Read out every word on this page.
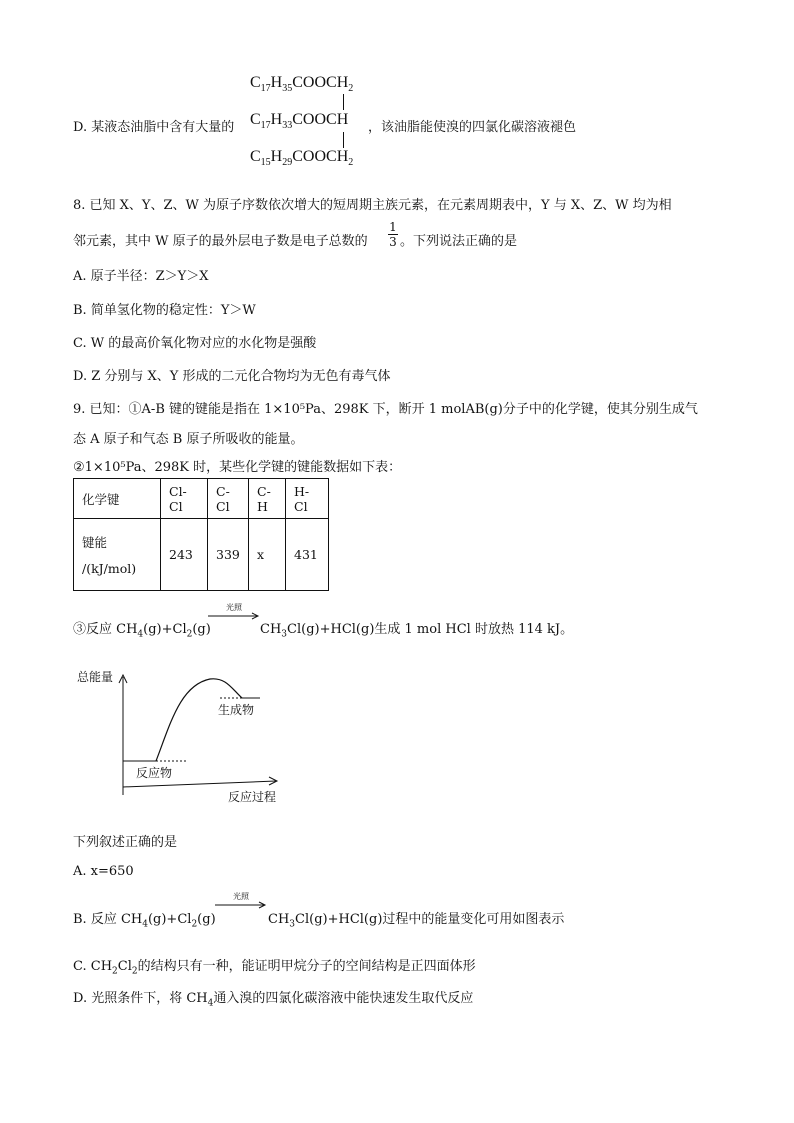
$C_{17}H_{35}COOCH_2$
D. 某液态油脂中含有大量的 $C_{17}H_{33}COOCH$ ，该油脂能使溴的四氯化碳溶液褪色
$C_{15}H_{29}COOCH_2$
8. 已知 X、Y、Z、W 为原子序数依次增大的短周期主族元素，在元素周期表中，Y 与 X、Z、W 均为相
邻元素，其中 W 原子的最外层电子数是电子总数的 $\frac{1}{3}$ 。下列说法正确的是
A. 原子半径：Z＞Y＞X
B. 简单氢化物的稳定性：Y＞W
C. W 的最高价氧化物对应的水化物是强酸
D. Z 分别与 X、Y 形成的二元化合物均为无色有毒气体
9. 已知：①A-B 键的键能是指在 1×10⁵Pa、298K 下，断开 1 molAB(g)分子中的化学键，使其分别生成气
态 A 原子和气态 B 原子所吸收的能量。
②1×10⁵Pa、298K 时，某些化学键的键能数据如下表：
化学键	Cl-Cl	C-Cl	C-H	H-Cl

键能
/(kJ/mol)	243	339	x	431
③反应 $CH_4(g)+Cl_2(g)$
光照
$CH_3Cl(g)+HCl(g)$生成 1 mol HCl 时放热 114 kJ。
总能量
生成物
反应物
反应过程
下列叙述正确的是
A. x=650
B. 反应 $CH_4(g)+Cl_2(g)$
光照
$CH_3Cl(g)+HCl(g)$过程中的能量变化可用如图表示
C. $CH_2Cl_2$的结构只有一种，能证明甲烷分子的空间结构是正四面体形
D. 光照条件下，将 $CH_4$通入溴的四氯化碳溶液中能快速发生取代反应
